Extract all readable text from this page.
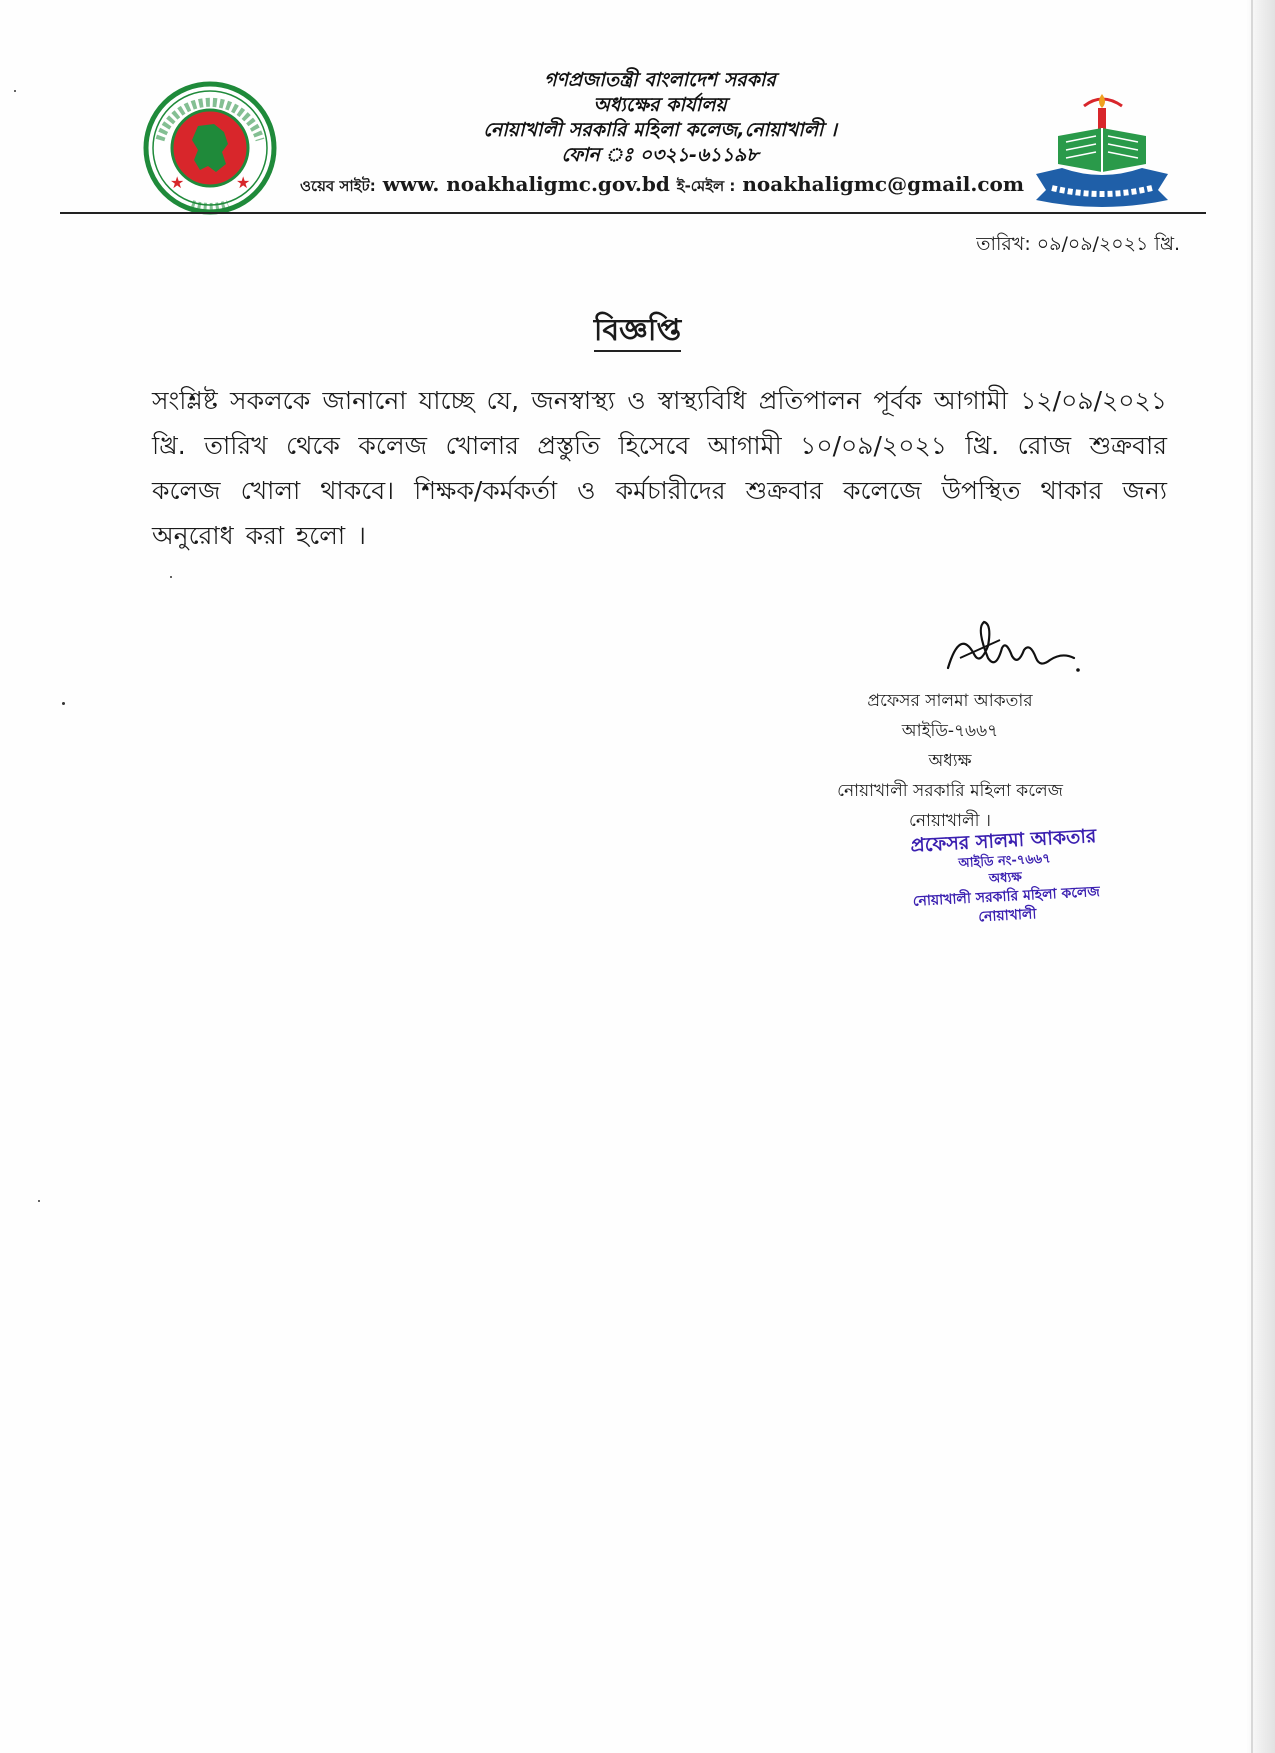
★	★
গণপ্রজাতন্ত্রী বাংলাদেশ সরকার
অধ্যক্ষের কার্যালয়
নোয়াখালী সরকারি মহিলা কলেজ,নোয়াখালী ।
ফোন ঃ ০৩২১-৬১১৯৮
ওয়েব সাইট: www. noakhaligmc.gov.bd ই-মেইল : noakhaligmc@gmail.com
তারিখ: ০৯/০৯/২০২১ খ্রি.
বিজ্ঞপ্তি
সংশ্লিষ্ট সকলকে জানানো যাচ্ছে যে, জনস্বাস্থ্য ও স্বাস্থ্যবিধি প্রতিপালন পূর্বক আগামী ১২/০৯/২০২১ খ্রি. তারিখ থেকে কলেজ খোলার প্রস্তুতি হিসেবে আগামী ১০/০৯/২০২১ খ্রি. রোজ শুক্রবার কলেজ খোলা থাকবে। শিক্ষক/কর্মকর্তা ও কর্মচারীদের শুক্রবার কলেজে উপস্থিত থাকার জন্য অনুরোধ করা হলো ।
প্রফেসর সালমা আকতার
আইডি-৭৬৬৭
অধ্যক্ষ
নোয়াখালী সরকারি মহিলা কলেজ
নোয়াখালী ।
প্রফেসর সালমা আকতার
আইডি নং-৭৬৬৭
অধ্যক্ষ
নোয়াখালী সরকারি মহিলা কলেজ
নোয়াখালী
